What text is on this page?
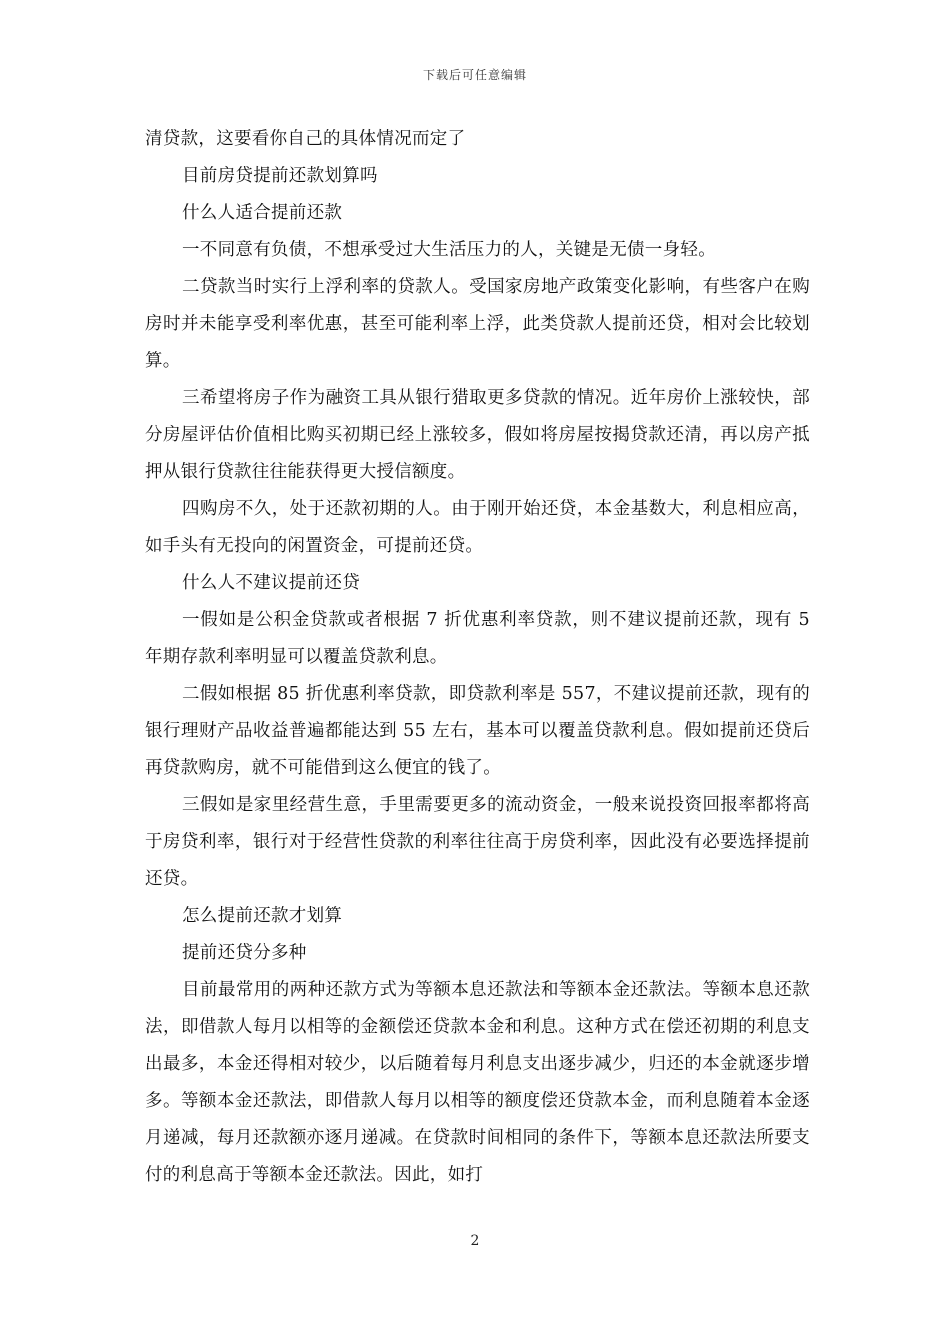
下载后可任意编辑

清贷款，这要看你自己的具体情况而定了

目前房贷提前还款划算吗

什么人适合提前还款

一不同意有负债，不想承受过大生活压力的人，关键是无债一身轻。

二贷款当时实行上浮利率的贷款人。受国家房地产政策变化影响，有些客户在购房时并未能享受利率优惠，甚至可能利率上浮，此类贷款人提前还贷，相对会比较划算。

三希望将房子作为融资工具从银行猎取更多贷款的情况。近年房价上涨较快，部分房屋评估价值相比购买初期已经上涨较多，假如将房屋按揭贷款还清，再以房产抵押从银行贷款往往能获得更大授信额度。

四购房不久，处于还款初期的人。由于刚开始还贷，本金基数大，利息相应高，如手头有无投向的闲置资金，可提前还贷。

什么人不建议提前还贷

一假如是公积金贷款或者根据 7 折优惠利率贷款，则不建议提前还款，现有 5 年期存款利率明显可以覆盖贷款利息。

二假如根据 85 折优惠利率贷款，即贷款利率是 557，不建议提前还款，现有的银行理财产品收益普遍都能达到 55 左右，基本可以覆盖贷款利息。假如提前还贷后再贷款购房，就不可能借到这么便宜的钱了。

三假如是家里经营生意，手里需要更多的流动资金，一般来说投资回报率都将高于房贷利率，银行对于经营性贷款的利率往往高于房贷利率，因此没有必要选择提前还贷。

怎么提前还款才划算

提前还贷分多种

目前最常用的两种还款方式为等额本息还款法和等额本金还款法。等额本息还款法，即借款人每月以相等的金额偿还贷款本金和利息。这种方式在偿还初期的利息支出最多，本金还得相对较少，以后随着每月利息支出逐步减少，归还的本金就逐步增多。等额本金还款法，即借款人每月以相等的额度偿还贷款本金，而利息随着本金逐月递减，每月还款额亦逐月递减。在贷款时间相同的条件下，等额本息还款法所要支付的利息高于等额本金还款法。因此，如打

2
